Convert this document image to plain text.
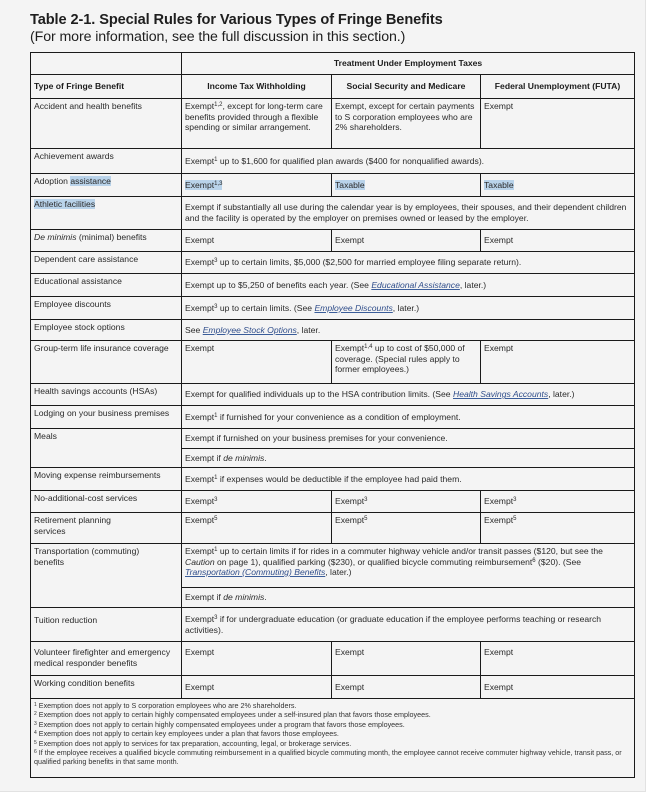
Table 2-1. Special Rules for Various Types of Fringe Benefits
(For more information, see the full discussion in this section.)
	Treatment Under Employment Taxes		
Type of Fringe Benefit	Income Tax Withholding	Social Security and Medicare	Federal Unemployment (FUTA)
Accident and health benefits	Exempt$^{1,2}$, except for long-term care benefits provided through a flexible spending or similar arrangement.	Exempt, except for certain payments to S corporation employees who are 2% shareholders.	Exempt
Achievement awards	Exempt$^1$ up to $1,600 for qualified plan awards ($400 for nonqualified awards).		
Adoption assistance	Exempt$^{1,3}$	Taxable	Taxable
Athletic facilities	Exempt if substantially all use during the calendar year is by employees, their spouses, and their dependent children and the facility is operated by the employer on premises owned or leased by the employer.		
De minimis (minimal) benefits	Exempt	Exempt	Exempt
Dependent care assistance	Exempt$^3$ up to certain limits, $5,000 ($2,500 for married employee filing separate return).		
Educational assistance	Exempt up to $5,250 of benefits each year. (See Educational Assistance, later.)		
Employee discounts	Exempt$^3$ up to certain limits. (See Employee Discounts, later.)		
Employee stock options	See Employee Stock Options, later.		
Group-term life insurance coverage	Exempt	Exempt$^{1,4}$ up to cost of $50,000 of coverage. (Special rules apply to former employees.)	Exempt
Health savings accounts (HSAs)	Exempt for qualified individuals up to the HSA contribution limits. (See Health Savings Accounts, later.)		
Lodging on your business premises	Exempt$^1$ if furnished for your convenience as a condition of employment.		
Meals	Exempt if furnished on your business premises for your convenience.		
	Exempt if de minimis.		
Moving expense reimbursements	Exempt$^1$ if expenses would be deductible if the employee had paid them.		
No-additional-cost services	Exempt$^3$	Exempt$^3$	Exempt$^3$
Retirement planning services	Exempt$^5$	Exempt$^5$	Exempt$^5$
Transportation (commuting) benefits	Exempt$^1$ up to certain limits if for rides in a commuter highway vehicle and/or transit passes ($120, but see the Caution on page 1), qualified parking ($230), or qualified bicycle commuting reimbursement$^6$ ($20). (See Transportation (Commuting) Benefits, later.)		
	Exempt if de minimis.		
Tuition reduction	Exempt$^3$ if for undergraduate education (or graduate education if the employee performs teaching or research activities).		
Volunteer firefighter and emergency medical responder benefits	Exempt	Exempt	Exempt
Working condition benefits	Exempt	Exempt	Exempt

$^1$ Exemption does not apply to S corporation employees who are 2% shareholders.
$^2$ Exemption does not apply to certain highly compensated employees under a self-insured plan that favors those employees.
$^3$ Exemption does not apply to certain highly compensated employees under a program that favors those employees.
$^4$ Exemption does not apply to certain key employees under a plan that favors those employees.
$^5$ Exemption does not apply to services for tax preparation, accounting, legal, or brokerage services.
$^6$ If the employee receives a qualified bicycle commuting reimbursement in a qualified bicycle commuting month, the employee cannot receive commuter highway vehicle, transit pass, or qualified parking benefits in that same month.
